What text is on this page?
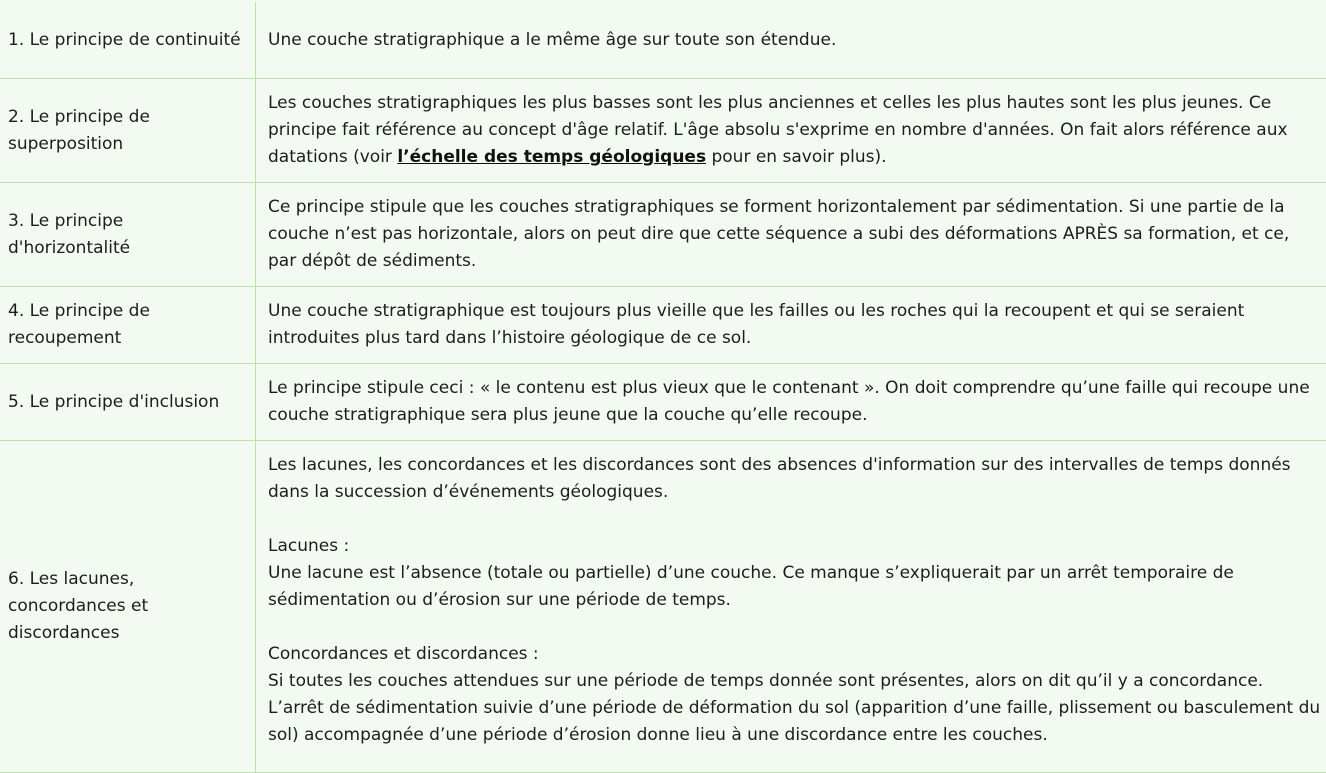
1. Le principe de continuité	Une couche stratigraphique a le même âge sur toute son étendue.
2. Le principe de superposition	Les couches stratigraphiques les plus basses sont les plus anciennes et celles les plus hautes sont les plus jeunes. Ce principe fait référence au concept d'âge relatif. L'âge absolu s'exprime en nombre d'années. On fait alors référence aux datations (voir l’échelle des temps géologiques pour en savoir plus).
3. Le principe d'horizontalité	Ce principe stipule que les couches stratigraphiques se forment horizontalement par sédimentation. Si une partie de la couche n’est pas horizontale, alors on peut dire que cette séquence a subi des déformations APRÈS sa formation, et ce, par dépôt de sédiments.
4. Le principe de recoupement	Une couche stratigraphique est toujours plus vieille que les failles ou les roches qui la recoupent et qui se seraient introduites plus tard dans l’histoire géologique de ce sol.
5. Le principe d'inclusion	Le principe stipule ceci : « le contenu est plus vieux que le contenant ». On doit comprendre qu’une faille qui recoupe une couche stratigraphique sera plus jeune que la couche qu’elle recoupe.
6. Les lacunes, concordances et discordances	Les lacunes, les concordances et les discordances sont des absences d'information sur des intervalles de temps donnés dans la succession d’événements géologiques.
Lacunes :
Une lacune est l’absence (totale ou partielle) d’une couche. Ce manque s’expliquerait par un arrêt temporaire de sédimentation ou d’érosion sur une période de temps.
Concordances et discordances :
Si toutes les couches attendues sur une période de temps donnée sont présentes, alors on dit qu’il y a concordance. L’arrêt de sédimentation suivie d’une période de déformation du sol (apparition d’une faille, plissement ou basculement du sol) accompagnée d’une période d’érosion donne lieu à une discordance entre les couches.
